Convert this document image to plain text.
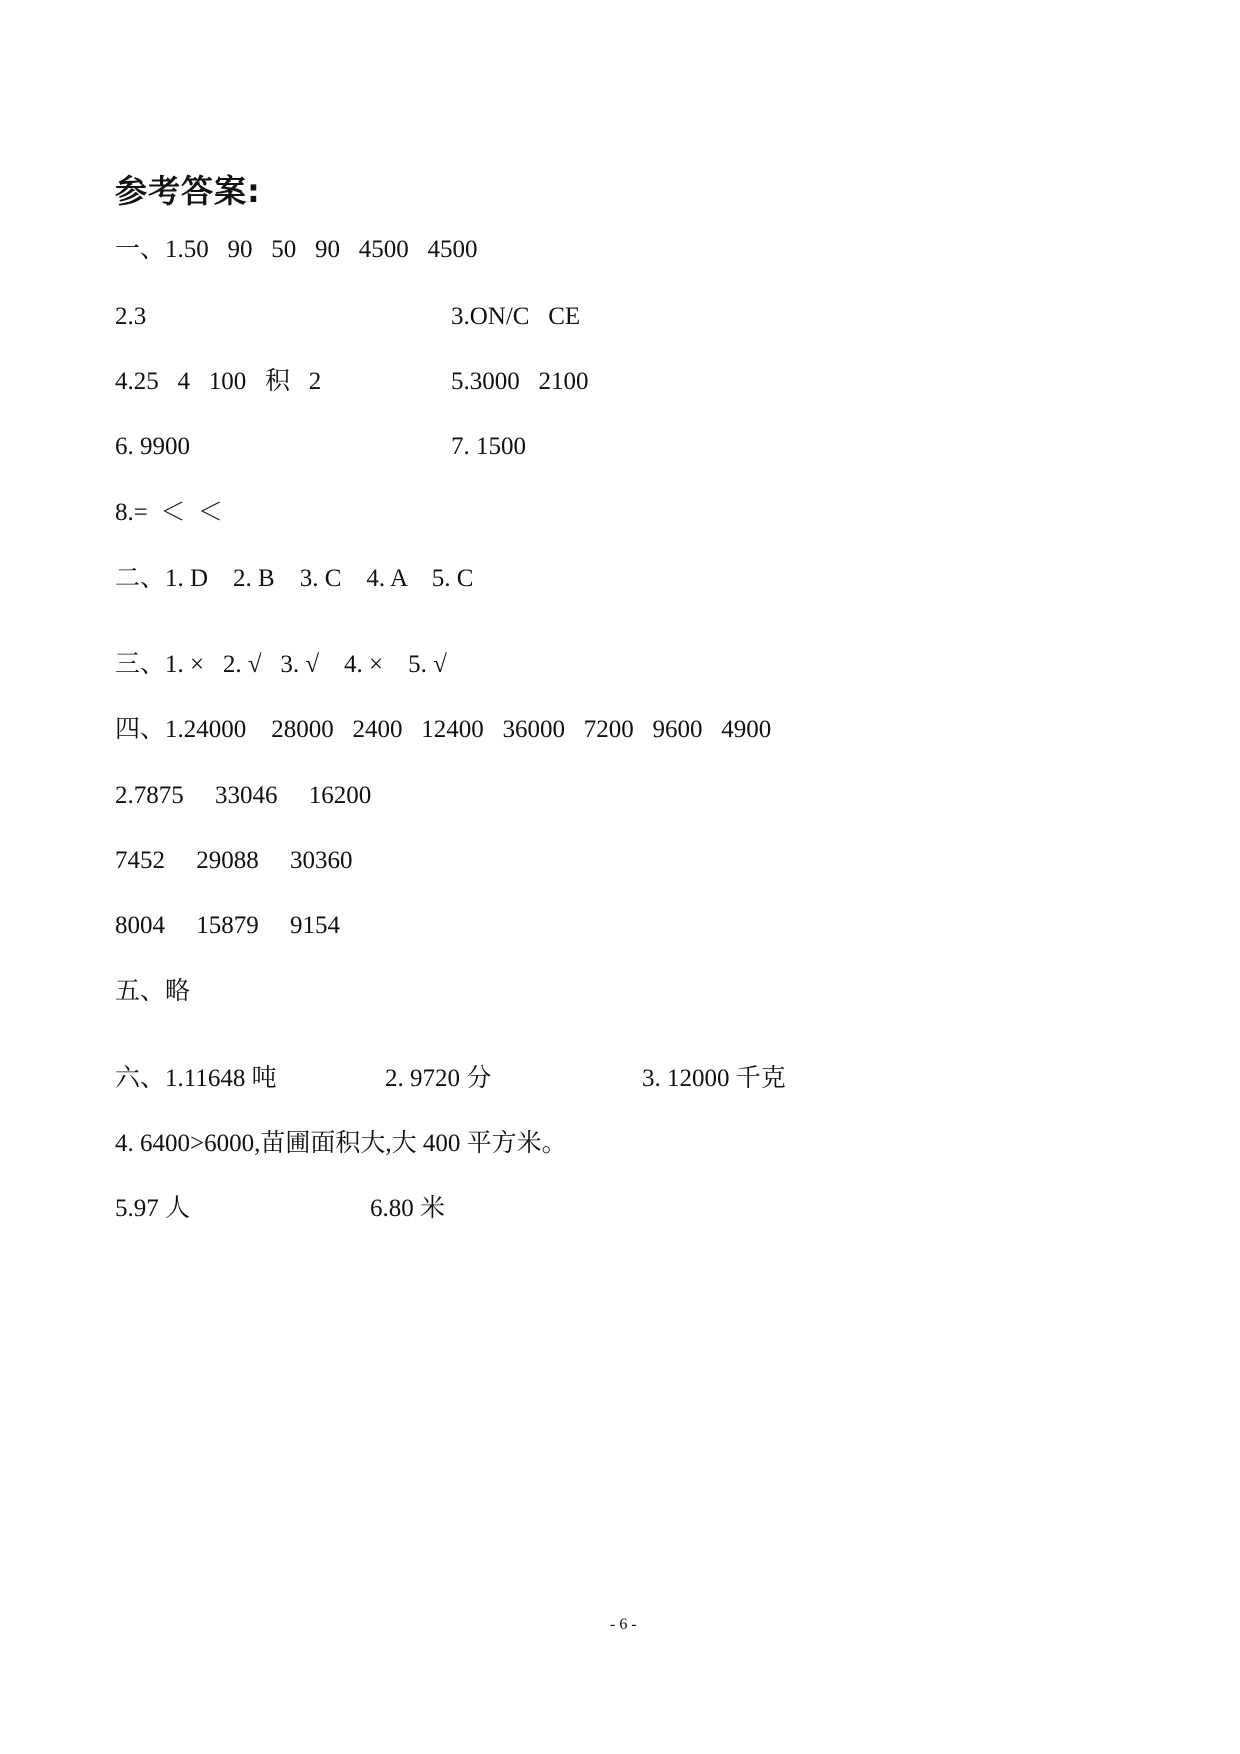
参考答案:
一、1.50   90   50   90   4500   4500
2.3	3.ON/C   CE
4.25   4   100   积   2	5.3000   2100
6. 9900	7. 1500
8.=  ＜  ＜
二、1. D    2. B    3. C    4. A    5. C
三、1. ×   2. √   3. √    4. ×    5. √
四、1.24000    28000   2400   12400   36000   7200   9600   4900
2.7875     33046     16200
7452     29088     30360
8004     15879     9154
五、略
六、1.11648 吨	2. 9720 分	3. 12000 千克
4. 6400>6000,苗圃面积大,大 400 平方米。
5.97 人	6.80 米
- 6 -
